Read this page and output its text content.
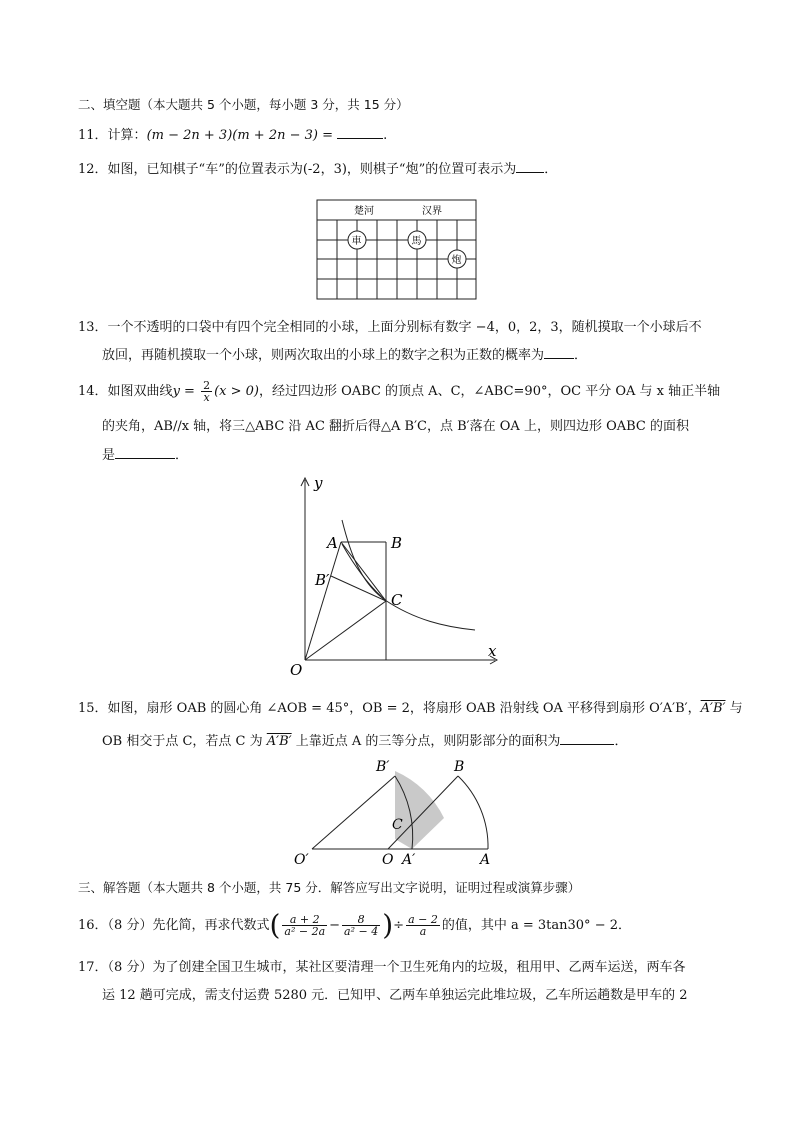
二、填空题（本大题共 5 个小题，每小题 3 分，共 15 分）
11．计算：(m − 2n + 3)(m + 2n − 3) =	.
12．如图，已知棋子“车”的位置表示为(-2，3)，则棋子“炮”的位置可表示为 ．
楚河	汉界
車	馬
炮
13．一个不透明的口袋中有四个完全相同的小球，上面分别标有数字 −4，0，2，3，随机摸取一个小球后不
放回，再随机摸取一个小球，则两次取出的小球上的数字之积为正数的概率为 ．
14．如图双曲线$y = \frac{2}{x} (x > 0)$，经过四边形 OABC 的顶点 A、C，∠ABC=90°，OC 平分 OA 与 x 轴正半轴
的夹角，AB//x 轴，将三△ABC 沿 AC 翻折后得△A B′C，点 B′落在 OA 上，则四边形 OABC 的面积
是	．
y
x
O
A	B
B′
C
15．如图，扇形 OAB 的圆心角 ∠AOB = 45°，OB = 2，将扇形 OAB 沿射线 OA 平移得到扇形 O′A′B′，A′B′ 与
OB 相交于点 C，若点 C 为 A′B′ 上靠近点 A 的三等分点，则阴影部分的面积为	．
O′	O A′	A
B
B′
C
三、解答题（本大题共 8 个小题，共 75 分．解答应写出文字说明，证明过程或演算步骤）
16．（8 分）先化简，再求代数式( $\frac{a + 2}{\text{a² − 2a}} - \frac{8}{\text{a² − 4}}$ )÷ $\frac{a - 2}{a}$ 的值，其中 a = 3tan30° − 2．
17．（8 分）为了创建全国卫生城市，某社区要清理一个卫生死角内的垃圾，租用甲、乙两车运送，两车各
运 12 趟可完成，需支付运费 5280 元．已知甲、乙两车单独运完此堆垃圾，乙车所运趟数是甲车的 2
